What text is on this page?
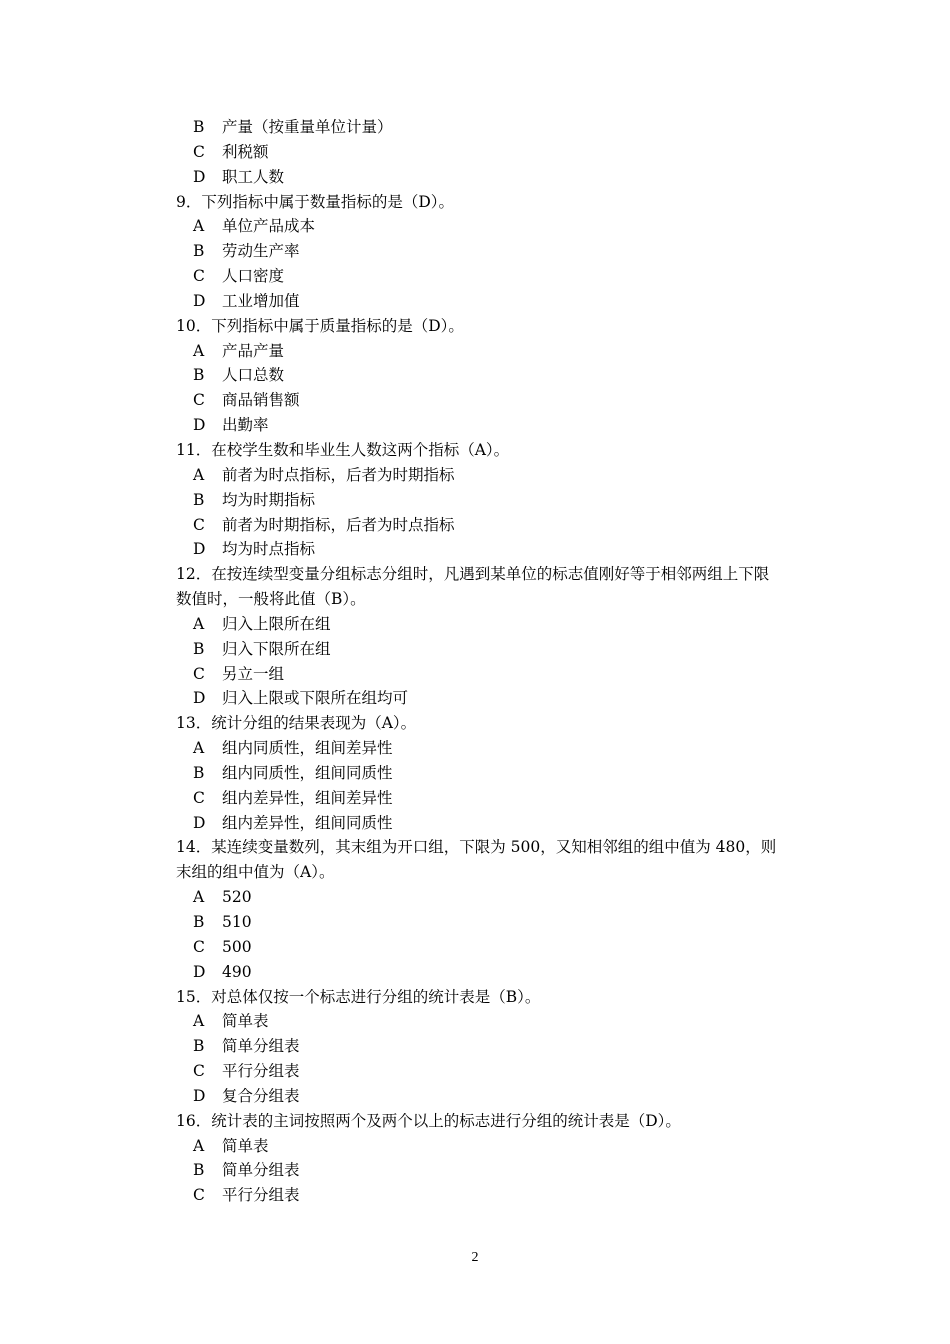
B 产量（按重量单位计量）
C 利税额
D 职工人数
9．下列指标中属于数量指标的是（D）。
A 单位产品成本
B 劳动生产率
C 人口密度
D 工业增加值
10．下列指标中属于质量指标的是（D）。
A 产品产量
B 人口总数
C 商品销售额
D 出勤率
11．在校学生数和毕业生人数这两个指标（A）。
A 前者为时点指标，后者为时期指标
B 均为时期指标
C 前者为时期指标，后者为时点指标
D 均为时点指标
12．在按连续型变量分组标志分组时，凡遇到某单位的标志值刚好等于相邻两组上下限
数值时，一般将此值（B）。
A 归入上限所在组
B 归入下限所在组
C 另立一组
D 归入上限或下限所在组均可
13．统计分组的结果表现为（A）。
A 组内同质性，组间差异性
B 组内同质性，组间同质性
C 组内差异性，组间差异性
D 组内差异性，组间同质性
14．某连续变量数列，其末组为开口组，下限为 500，又知相邻组的组中值为 480，则
末组的组中值为（A）。
A 520
B 510
C 500
D 490
15．对总体仅按一个标志进行分组的统计表是（B）。
A 简单表
B 简单分组表
C 平行分组表
D 复合分组表
16．统计表的主词按照两个及两个以上的标志进行分组的统计表是（D）。
A 简单表
B 简单分组表
C 平行分组表
2
